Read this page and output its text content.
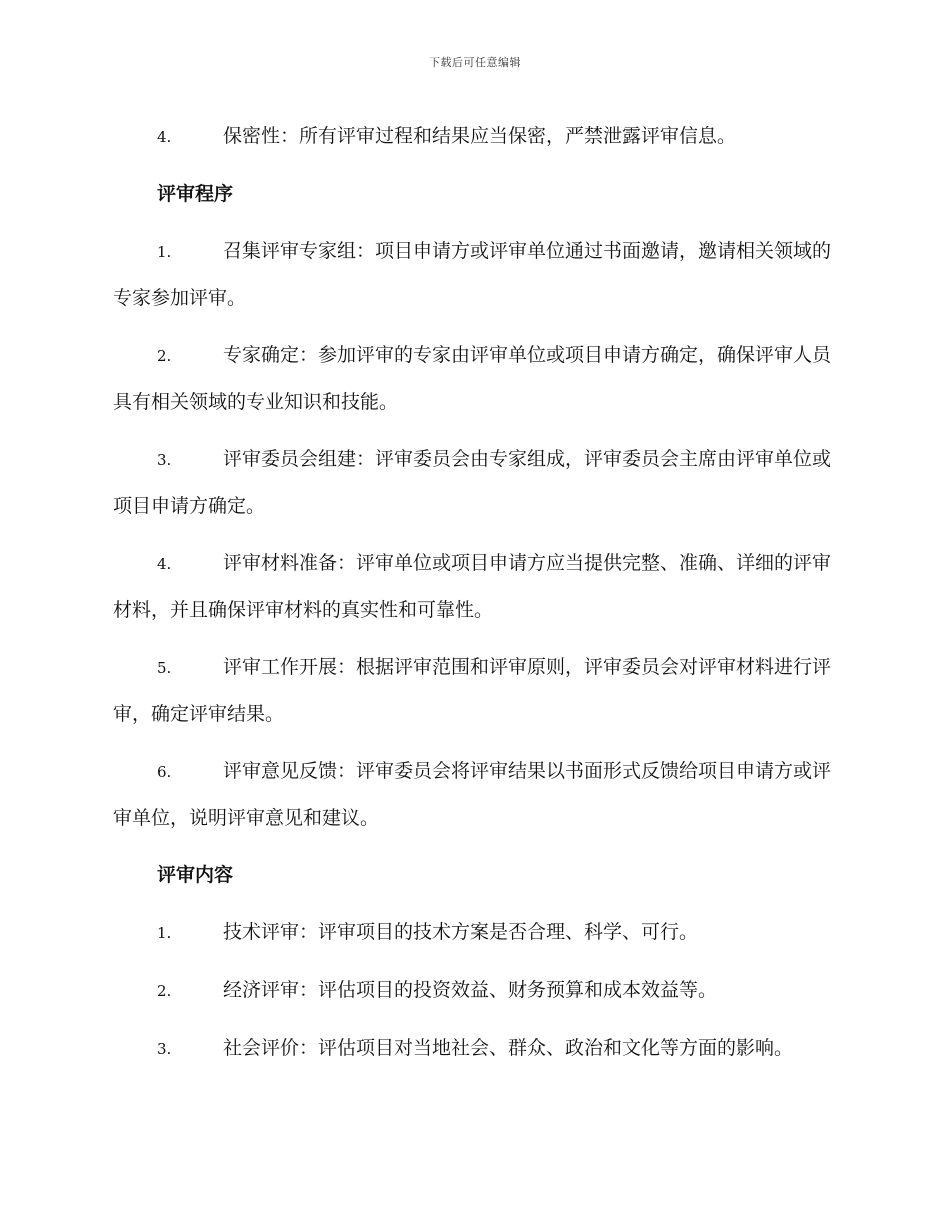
下载后可任意编辑

4.	保密性：所有评审过程和结果应当保密，严禁泄露评审信息。

评审程序

1.	召集评审专家组：项目申请方或评审单位通过书面邀请，邀请相关领域的专家参加评审。

2.	专家确定：参加评审的专家由评审单位或项目申请方确定，确保评审人员具有相关领域的专业知识和技能。

3.	评审委员会组建：评审委员会由专家组成，评审委员会主席由评审单位或项目申请方确定。

4.	评审材料准备：评审单位或项目申请方应当提供完整、准确、详细的评审材料，并且确保评审材料的真实性和可靠性。

5.	评审工作开展：根据评审范围和评审原则，评审委员会对评审材料进行评审，确定评审结果。

6.	评审意见反馈：评审委员会将评审结果以书面形式反馈给项目申请方或评审单位，说明评审意见和建议。

评审内容

1.	技术评审：评审项目的技术方案是否合理、科学、可行。

2.	经济评审：评估项目的投资效益、财务预算和成本效益等。

3.	社会评价：评估项目对当地社会、群众、政治和文化等方面的影响。
